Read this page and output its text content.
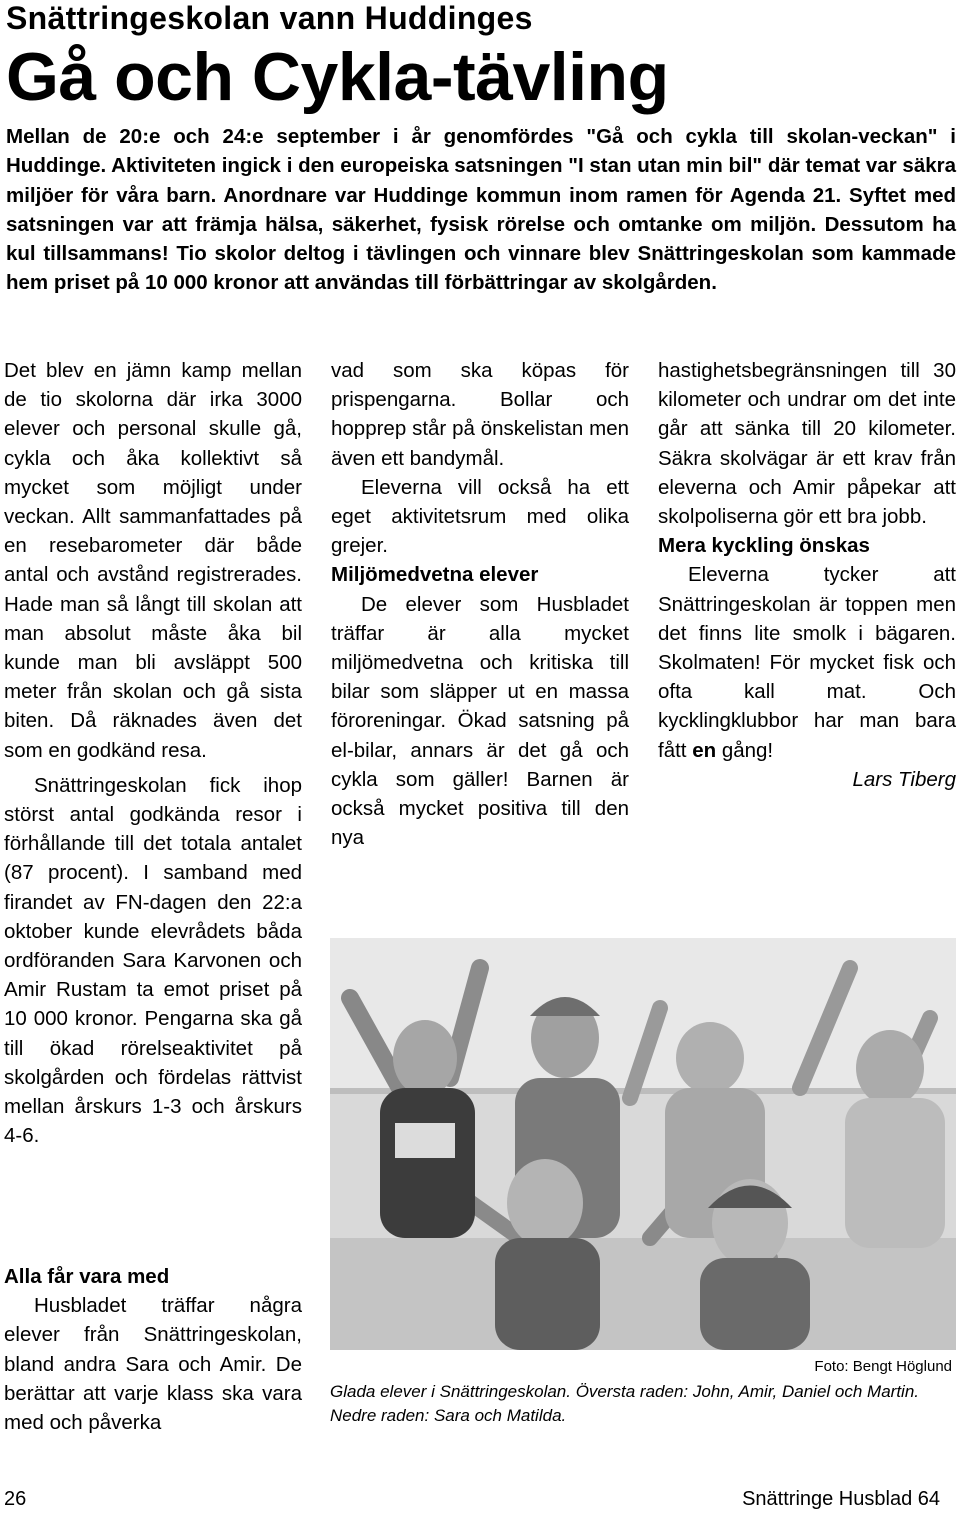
Snättringeskolan vann Huddinges
Gå och Cykla-tävling
Mellan de 20:e och 24:e september i år genomfördes "Gå och cykla till skolan-veckan" i Huddinge. Aktiviteten ingick i den europeiska satsningen "I stan utan min bil" där temat var säkra miljöer för våra barn. Anordnare var Huddinge kommun inom ramen för Agenda 21. Syftet med satsningen var att främja hälsa, säkerhet, fysisk rörelse och omtanke om miljön. Dessutom ha kul tillsammans! Tio skolor deltog i tävlingen och vinnare blev Snättringeskolan som kammade hem priset på 10 000 kronor att användas till förbättringar av skolgården.

Det blev en jämn kamp mellan de tio skolorna där irka 3000 elever och personal skulle gå, cykla och åka kollektivt så mycket som möjligt under veckan. Allt sammanfattades på en resebarometer där både antal och avstånd registrerades. Hade man så långt till skolan att man absolut måste åka bil kunde man bli avsläppt 500 meter från skolan och gå sista biten. Då räknades även det som en godkänd resa.

Snättringeskolan fick ihop störst antal godkända resor i förhållande till det totala antalet (87 procent). I samband med firandet av FN-dagen den 22:a oktober kunde elevrådets båda ordföranden Sara Karvonen och Amir Rustam ta emot priset på 10 000 kronor. Pengarna ska gå till ökad rörelseaktivitet på skolgården och fördelas rättvist mellan årskurs 1-3 och årskurs 4-6.

Alla får vara med

Husbladet träffar några elever från Snättringeskolan, bland andra Sara och Amir. De berättar att varje klass ska vara med och påverka

vad som ska köpas för prispengarna. Bollar och hopprep står på önskelistan men även ett bandymål.

Eleverna vill också ha ett eget aktivitetsrum med olika grejer.

Miljömedvetna elever

De elever som Husbladet träffar är alla mycket miljömedvetna och kritiska till bilar som släpper ut en massa föroreningar. Ökad satsning på el-bilar, annars är det gå och cykla som gäller! Barnen är också mycket positiva till den nya

hastighetsbegränsningen till 30 kilometer och undrar om det inte går att sänka till 20 kilometer. Säkra skolvägar är ett krav från eleverna och Amir påpekar att skolpoliserna gör ett bra jobb.

Mera kyckling önskas

Eleverna tycker att Snättringeskolan är toppen men det finns lite smolk i bägaren. Skolmaten! För mycket fisk och ofta kall mat. Och kycklingklubbor har man bara fått en gång!

Lars Tiberg

Foto: Bengt Höglund
Glada elever i Snättringeskolan. Översta raden: John, Amir, Daniel och Martin. Nedre raden: Sara och Matilda.
26	Snättringe Husblad 64
